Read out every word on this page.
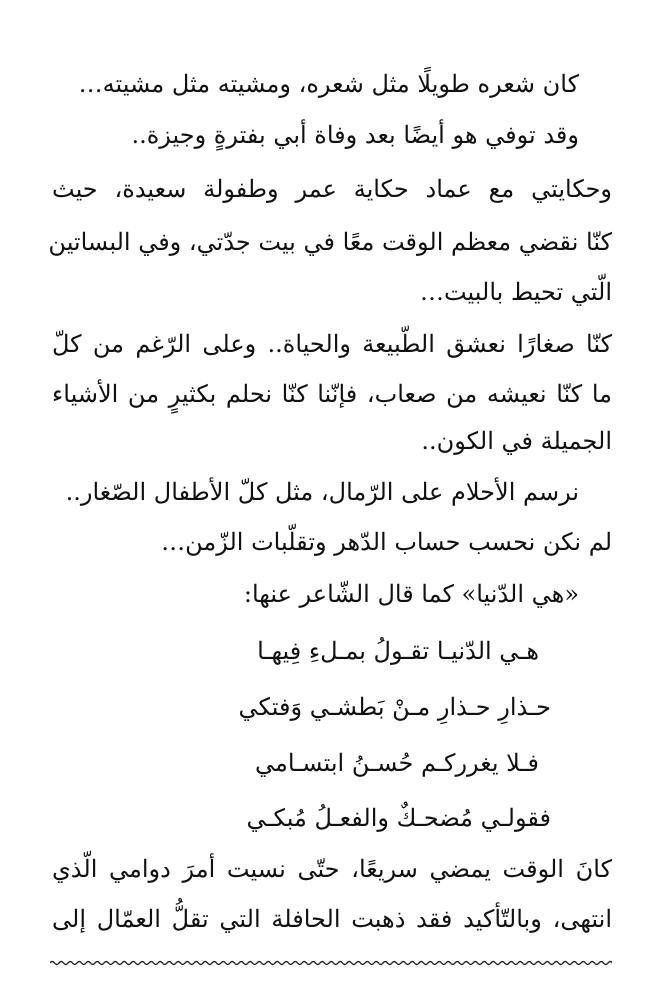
كان شعره طويلًا مثل شعره، ومشيته مثل مشيته…
وقد توفي هو أيضًا بعد وفاة أبي بفترةٍ وجيزة..
وحكايتي مع عماد حكاية عمر وطفولة سعيدة، حيث
كنّا نقضي معظم الوقت معًا في بيت جدّتي، وفي البساتين
الّتي تحيط بالبيت…
كنّا صغارًا نعشق الطّبيعة والحياة.. وعلى الرّغم من كلّ
ما كنّا نعيشه من صعاب، فإنّنا كنّا نحلم بكثيرٍ من الأشياء
الجميلة في الكون..
نرسم الأحلام على الرّمال، مثل كلّ الأطفال الصّغار..
لم نكن نحسب حساب الدّهر وتقلّبات الزّمن…
«هي الدّنيا» كما قال الشّاعر عنها:
هـي الدّنيـا تقـولُ بمـلءِ فِيهـا
حـذارِ حـذارِ مـنْ بَطشـي وَفتكي
فـلا يغرركـم حُسـنُ ابتسـامي
فقولـي مُضحـكٌ والفعـلُ مُبكـي
كانَ الوقت يمضي سريعًا، حتّى نسيت أمرَ دوامي الّذي
انتهى، وبالتّأكيد فقد ذهبت الحافلة التي تقلُّ العمّال إلى
